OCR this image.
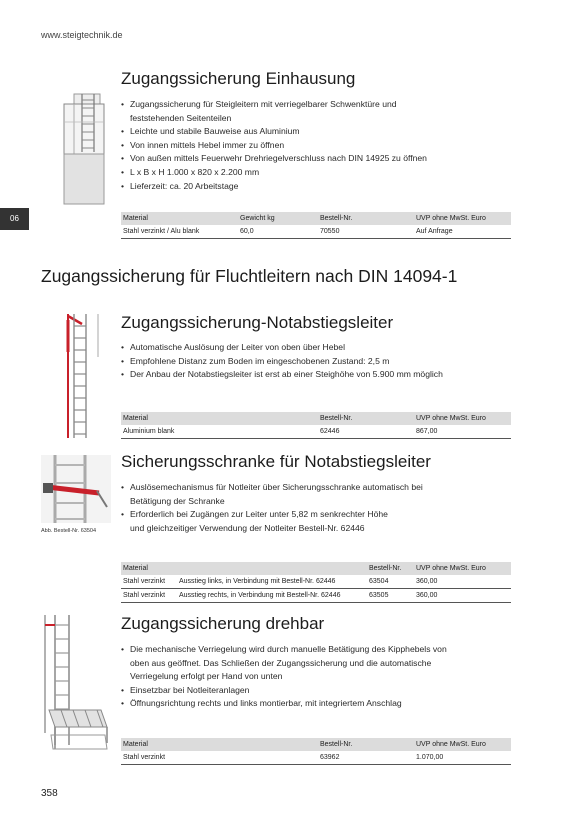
www.steigtechnik.de
06
358
Zugangssicherung Einhausung
• Zugangssicherung für Steigleitern mit verriegelbarer Schwenktüre und
feststehenden Seitenteilen
• Leichte und stabile Bauweise aus Aluminium
• Von innen mittels Hebel immer zu öffnen
• Von außen mittels Feuerwehr Drehriegelverschluss nach DIN 14925 zu öffnen
• L x B x H 1.000 x 820 x 2.200 mm
• Lieferzeit: ca. 20 Arbeitstage
Material	Gewicht kg	Bestell-Nr.	UVP ohne MwSt. Euro
Stahl verzinkt / Alu blank	60,0	70550	Auf Anfrage
Zugangssicherung für Fluchtleitern nach DIN 14094-1
Zugangssicherung-Notabstiegsleiter
• Automatische Auslösung der Leiter von oben über Hebel
• Empfohlene Distanz zum Boden im eingeschobenen Zustand: 2,5 m
• Der Anbau der Notabstiegsleiter ist erst ab einer Steighöhe von 5.900 mm möglich
Material	Bestell-Nr.	UVP ohne MwSt. Euro
Aluminium blank	62446	867,00
Abb. Bestell-Nr. 63504
Sicherungsschranke für Notabstiegsleiter
• Auslösemechanismus für Notleiter über Sicherungsschranke automatisch bei
Betätigung der Schranke
• Erforderlich bei Zugängen zur Leiter unter 5,82 m senkrechter Höhe
und gleichzeitiger Verwendung der Notleiter Bestell-Nr. 62446
Material		Bestell-Nr.	UVP ohne MwSt. Euro
Stahl verzinkt	Ausstieg links, in Verbindung mit Bestell-Nr. 62446	63504	360,00
Stahl verzinkt	Ausstieg rechts, in Verbindung mit Bestell-Nr. 62446	63505	360,00
Zugangssicherung drehbar
• Die mechanische Verriegelung wird durch manuelle Betätigung des Kipphebels von
oben aus geöffnet. Das Schließen der Zugangssicherung und die automatische
Verriegelung erfolgt per Hand von unten
• Einsetzbar bei Notleiteranlagen
• Öffnungsrichtung rechts und links montierbar, mit integriertem Anschlag
Material	Bestell-Nr.	UVP ohne MwSt. Euro
Stahl verzinkt	63962	1.070,00
